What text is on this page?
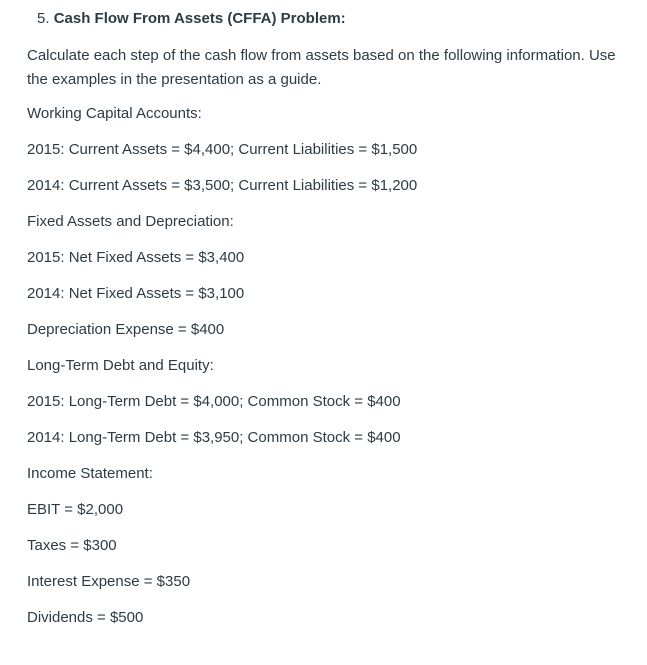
5. Cash Flow From Assets (CFFA) Problem:

Calculate each step of the cash flow from assets based on the following information. Use the examples in the presentation as a guide.

Working Capital Accounts:

2015: Current Assets = $4,400; Current Liabilities = $1,500

2014: Current Assets = $3,500; Current Liabilities = $1,200

Fixed Assets and Depreciation:

2015: Net Fixed Assets = $3,400

2014: Net Fixed Assets = $3,100

Depreciation Expense = $400

Long-Term Debt and Equity:

2015: Long-Term Debt = $4,000; Common Stock = $400

2014: Long-Term Debt = $3,950; Common Stock = $400

Income Statement:

EBIT = $2,000

Taxes = $300

Interest Expense = $350

Dividends = $500
